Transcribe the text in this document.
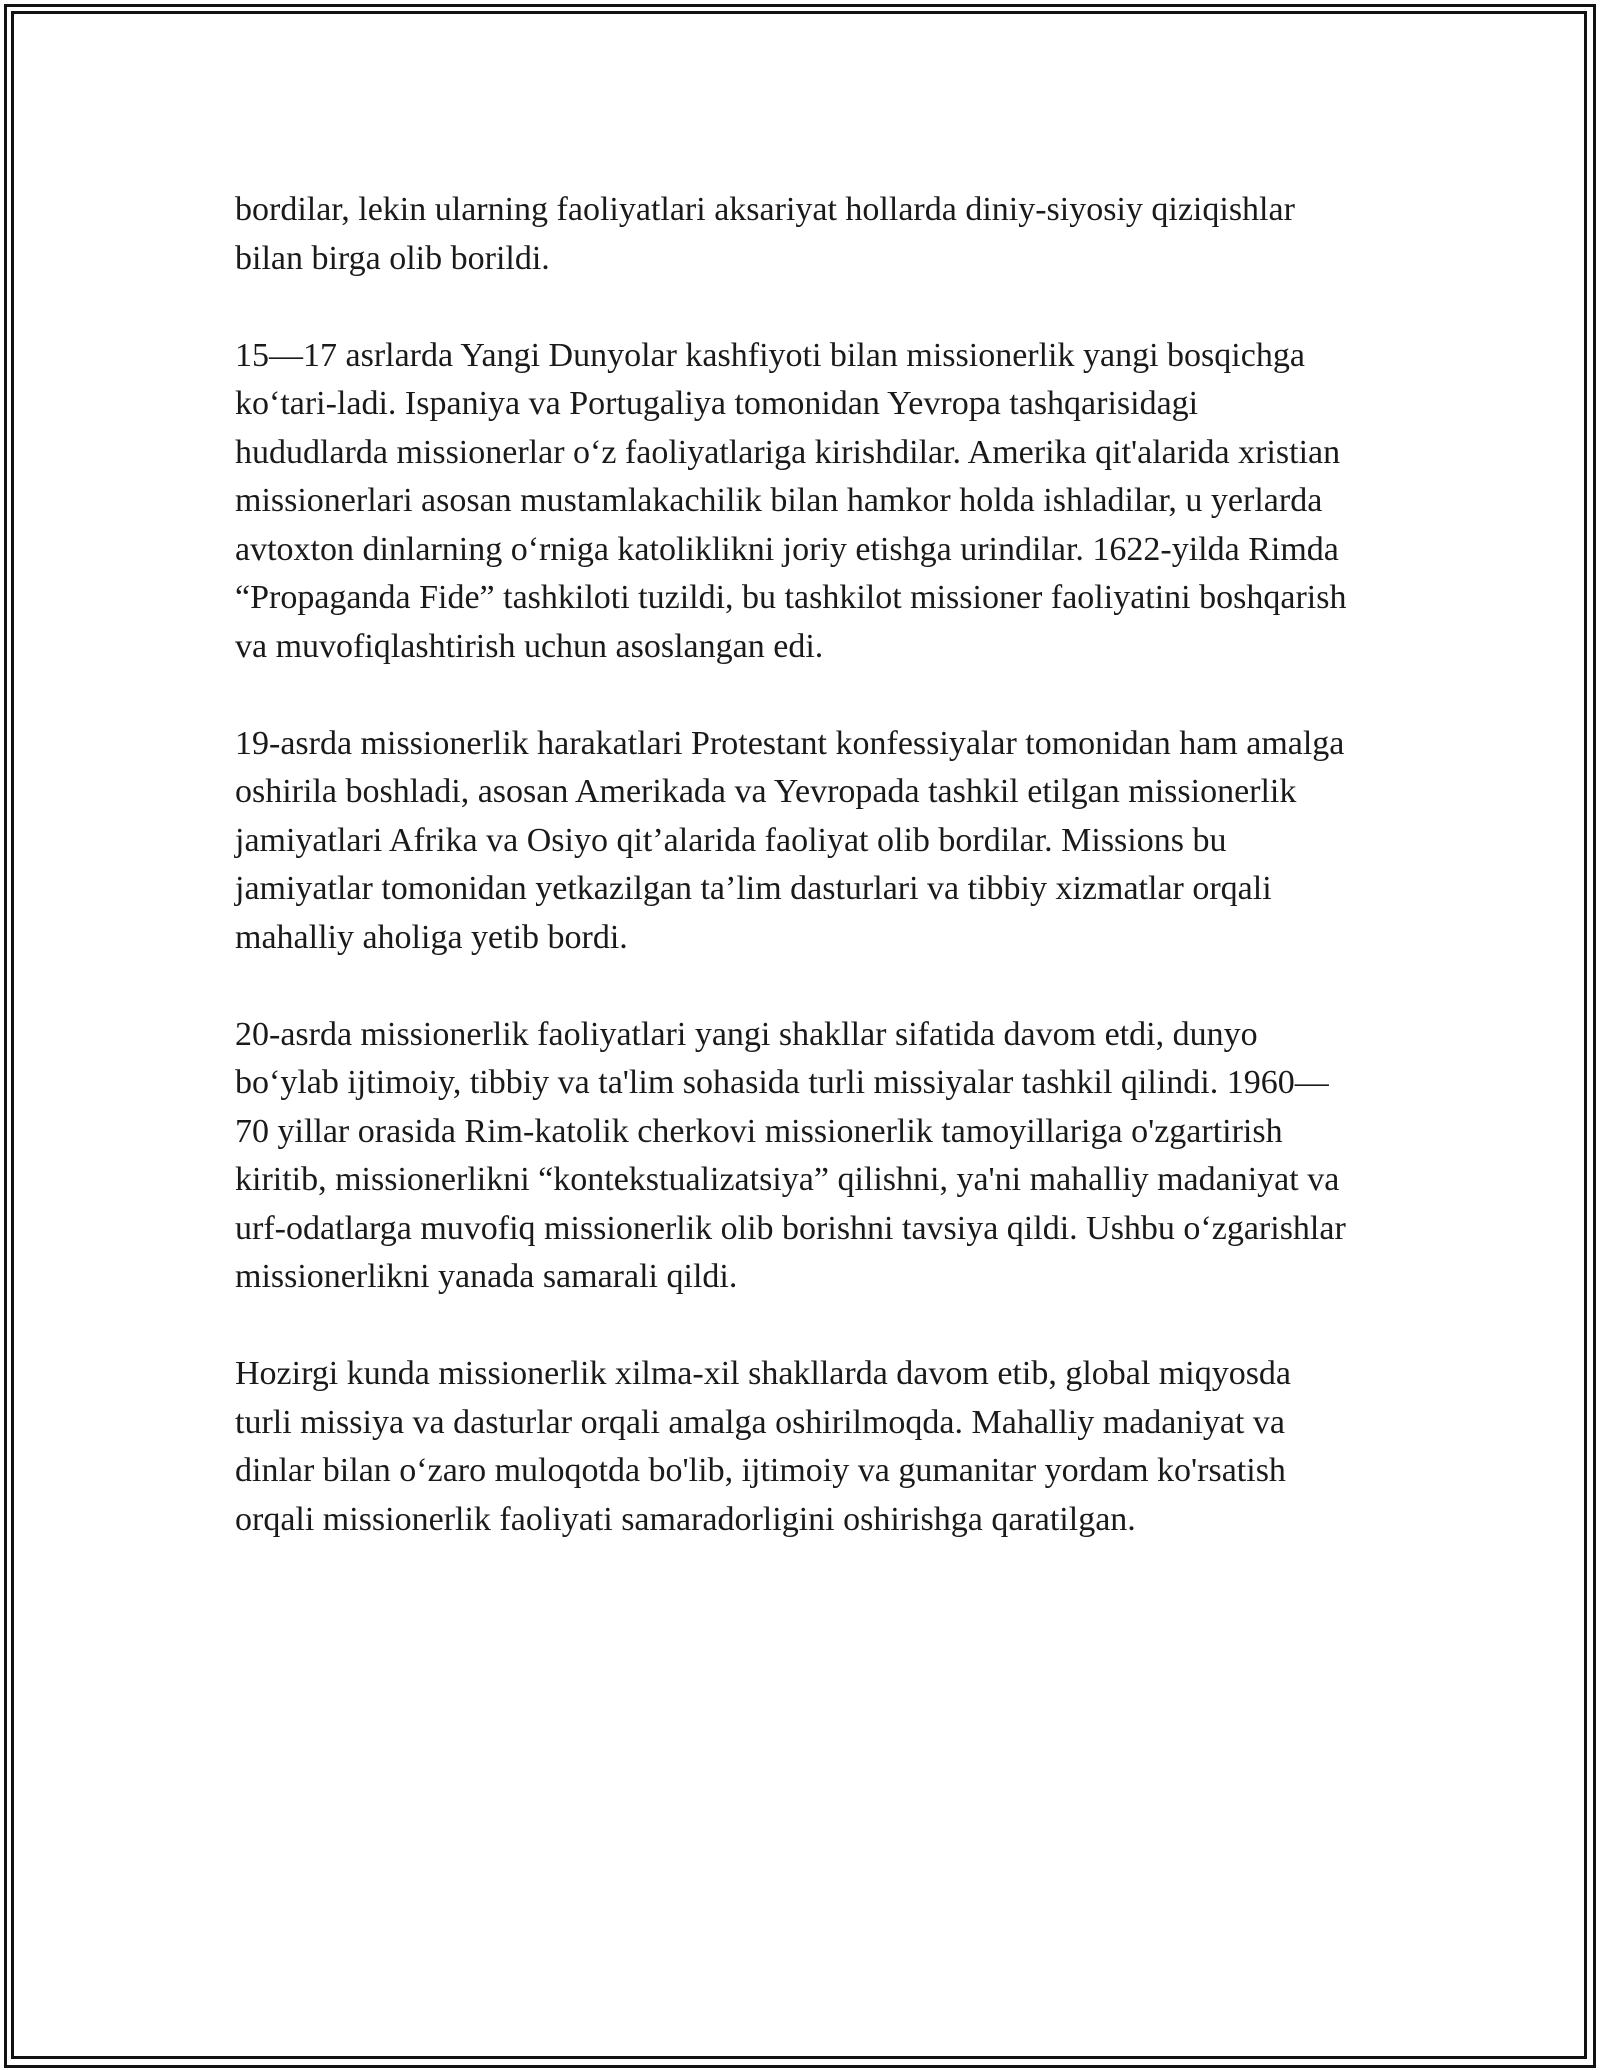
bordilar, lekin ularning faoliyatlari aksariyat hollarda diniy-siyosiy qiziqishlar bilan birga olib borildi.

15—17 asrlarda Yangi Dunyolar kashfiyoti bilan missionerlik yangi bosqichga ko‘tari-ladi. Ispaniya va Portugaliya tomonidan Yevropa tashqarisidagi hududlarda missionerlar o‘z faoliyatlariga kirishdilar. Amerika qit'alarida xristian missionerlari asosan mustamlakachilik bilan hamkor holda ishladilar, u yerlarda avtoxton dinlarning o‘rniga katoliklikni joriy etishga urindilar. 1622-yilda Rimda “Propaganda Fide” tashkiloti tuzildi, bu tashkilot missioner faoliyatini boshqarish va muvofiqlashtirish uchun asoslangan edi.

19-asrda missionerlik harakatlari Protestant konfessiyalar tomonidan ham amalga oshirila boshladi, asosan Amerikada va Yevropada tashkil etilgan missionerlik jamiyatlari Afrika va Osiyo qit’alarida faoliyat olib bordilar. Missions bu jamiyatlar tomonidan yetkazilgan ta’lim dasturlari va tibbiy xizmatlar orqali mahalliy aholiga yetib bordi.

20-asrda missionerlik faoliyatlari yangi shakllar sifatida davom etdi, dunyo bo‘ylab ijtimoiy, tibbiy va ta'lim sohasida turli missiyalar tashkil qilindi. 1960—70 yillar orasida Rim-katolik cherkovi missionerlik tamoyillariga o'zgartirish kiritib, missionerlikni “kontekstualizatsiya” qilishni, ya'ni mahalliy madaniyat va urf-odatlarga muvofiq missionerlik olib borishni tavsiya qildi. Ushbu o‘zgarishlar missionerlikni yanada samarali qildi.

Hozirgi kunda missionerlik xilma-xil shakllarda davom etib, global miqyosda turli missiya va dasturlar orqali amalga oshirilmoqda. Mahalliy madaniyat va dinlar bilan o‘zaro muloqotda bo'lib, ijtimoiy va gumanitar yordam ko'rsatish orqali missionerlik faoliyati samaradorligini oshirishga qaratilgan.
